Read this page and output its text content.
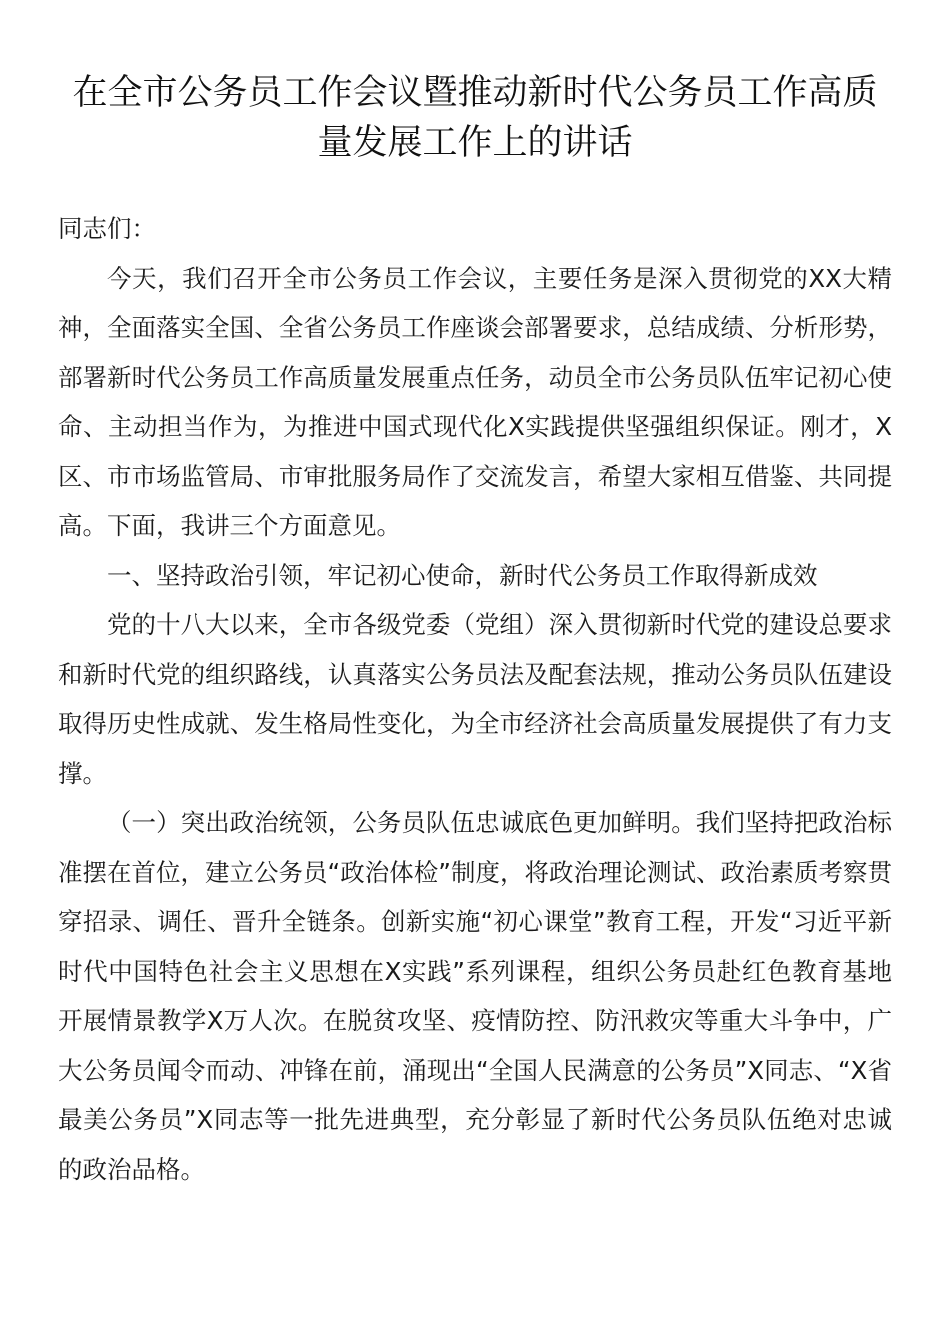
在全市公务员工作会议暨推动新时代公务员工作高质
量发展工作上的讲话

同志们：

今天，我们召开全市公务员工作会议，主要任务是深入贯彻党的XX大精神，全面落实全国、全省公务员工作座谈会部署要求，总结成绩、分析形势，部署新时代公务员工作高质量发展重点任务，动员全市公务员队伍牢记初心使命、主动担当作为，为推进中国式现代化X实践提供坚强组织保证。刚才，X区、市市场监管局、市审批服务局作了交流发言，希望大家相互借鉴、共同提高。下面，我讲三个方面意见。

一、坚持政治引领，牢记初心使命，新时代公务员工作取得新成效

党的十八大以来，全市各级党委（党组）深入贯彻新时代党的建设总要求和新时代党的组织路线，认真落实公务员法及配套法规，推动公务员队伍建设取得历史性成就、发生格局性变化，为全市经济社会高质量发展提供了有力支撑。

（一）突出政治统领，公务员队伍忠诚底色更加鲜明。我们坚持把政治标准摆在首位，建立公务员“政治体检”制度，将政治理论测试、政治素质考察贯穿招录、调任、晋升全链条。创新实施“初心课堂”教育工程，开发“习近平新时代中国特色社会主义思想在X实践”系列课程，组织公务员赴红色教育基地开展情景教学X万人次。在脱贫攻坚、疫情防控、防汛救灾等重大斗争中，广大公务员闻令而动、冲锋在前，涌现出“全国人民满意的公务员”X同志、“X省最美公务员”X同志等一批先进典型，充分彰显了新时代公务员队伍绝对忠诚的政治品格。
